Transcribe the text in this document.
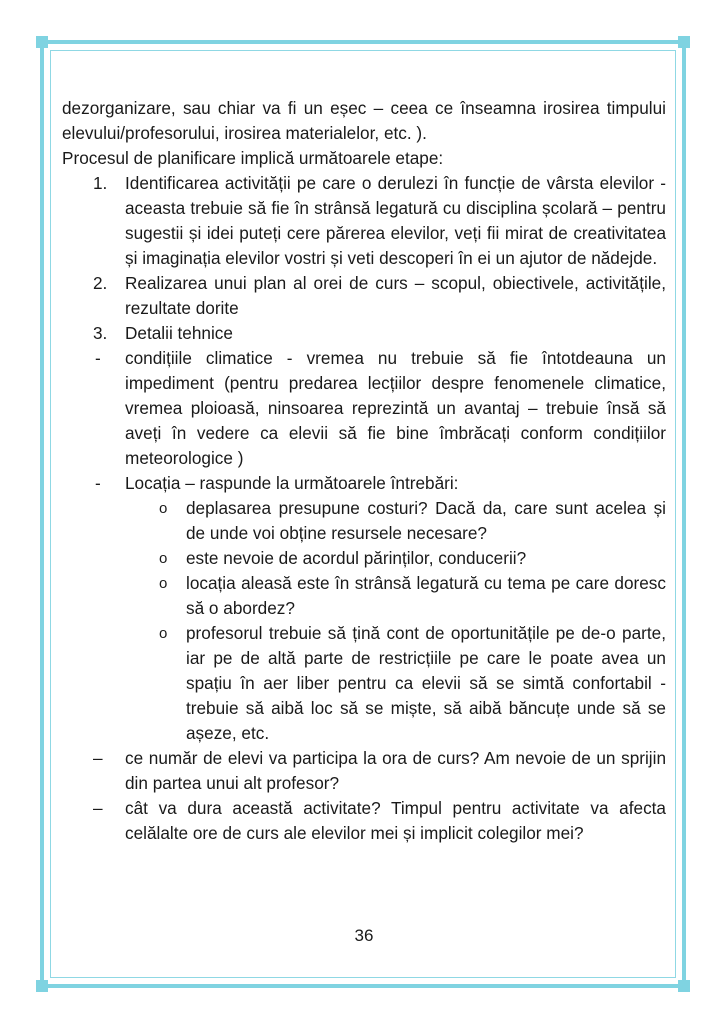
dezorganizare, sau chiar va fi un eșec – ceea ce înseamna irosirea timpului elevului/profesorului, irosirea materialelor, etc. ).
Procesul de planificare implică următoarele etape:
1. Identificarea activității pe care o derulezi în funcție de vârsta elevilor - aceasta trebuie să fie în strânsă legatură cu disciplina școlară – pentru sugestii și idei puteți cere părerea elevilor, veți fii mirat de creativitatea și imaginația elevilor vostri și veti descoperi în ei un ajutor de nădejde.
2. Realizarea unui plan al orei de curs – scopul, obiectivele, activitățile, rezultate dorite
3. Detalii tehnice
- condițiile climatice - vremea nu trebuie să fie întotdeauna un impediment (pentru predarea lecțiilor despre fenomenele climatice, vremea ploioasă, ninsoarea reprezintă un avantaj – trebuie însă să aveți în vedere ca elevii să fie bine îmbrăcați conform condițiilor meteorologice )
- Locația – raspunde la următoarele întrebări:
o deplasarea presupune costuri? Dacă da, care sunt acelea și de unde voi obține resursele necesare?
o este nevoie de acordul părinților, conducerii?
o locația aleasă este în strânsă legatură cu tema pe care doresc să o abordez?
o profesorul trebuie să țină cont de oportunitățile pe de-o parte, iar pe de altă parte de restricțiile pe care le poate avea un spațiu în aer liber pentru ca elevii să se simtă confortabil - trebuie să aibă loc să se miște, să aibă băncuțe unde să se așeze, etc.
– ce număr de elevi va participa la ora de curs? Am nevoie de un sprijin din partea unui alt profesor?
– cât va dura această activitate? Timpul pentru activitate va afecta celălalte ore de curs ale elevilor mei și implicit colegilor mei?
36
